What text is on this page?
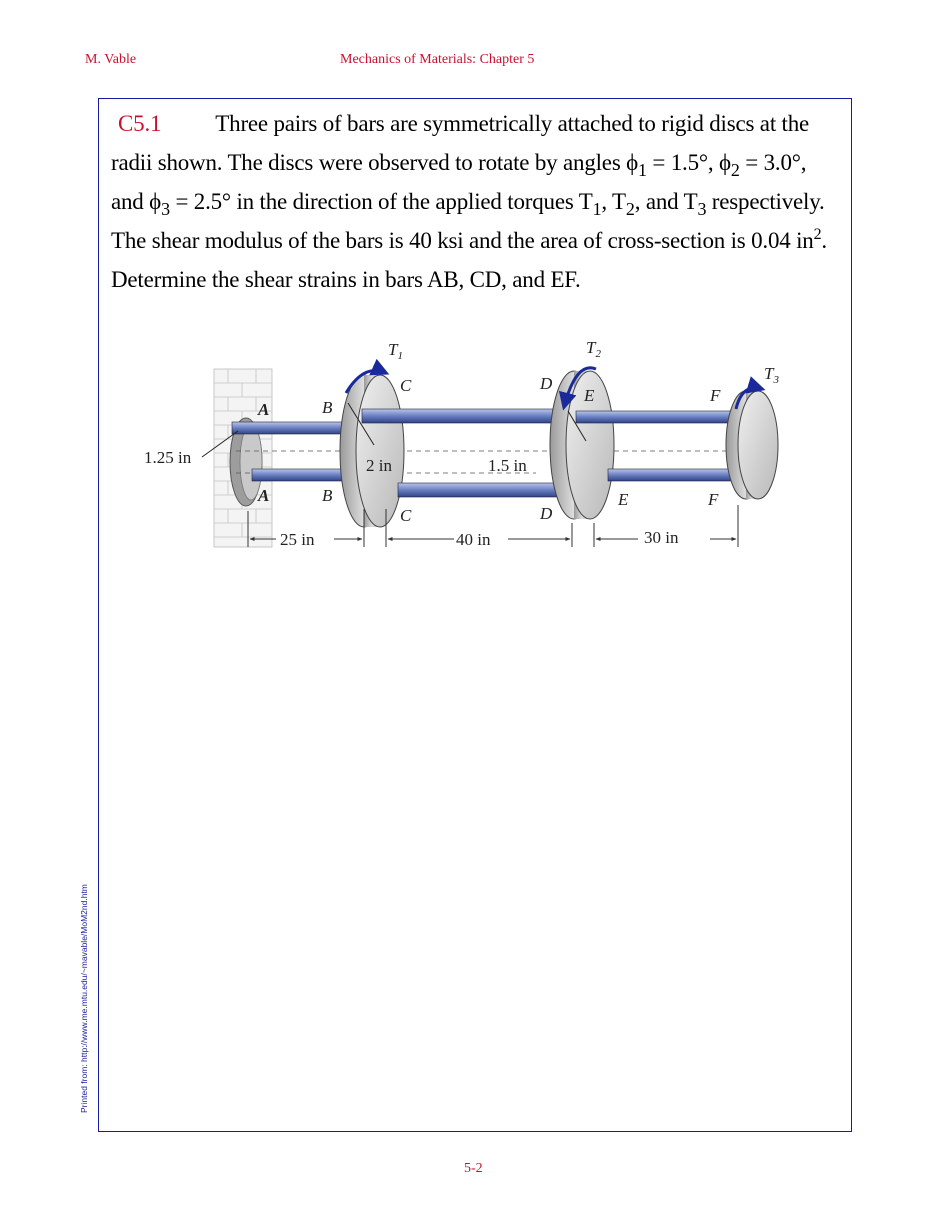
M. Vable	Mechanics of Materials: Chapter 5
C5.1 Three pairs of bars are symmetrically attached to rigid discs at the radii shown. The discs were observed to rotate by angles $\phi_1 = 1.5^\circ$, $\phi_2 = 3.0^\circ$, and $\phi_3 = 2.5^\circ$ in the direction of the applied torques $T_1$, $T_2$, and $T_3$ respectively. The shear modulus of the bars is 40 ksi and the area of cross-section is 0.04 $in^2$. Determine the shear strains in bars AB, CD, and EF.
$T_1$	$T_2$
$T_3$
A
A
B
B
C
C
D
D
E
E
F
F
1.25 in	2 in	1.5 in
25 in	40 in	30 in
Printed from: http://www.me.mtu.edu/~mavable/MoM2nd.htm
5-2
